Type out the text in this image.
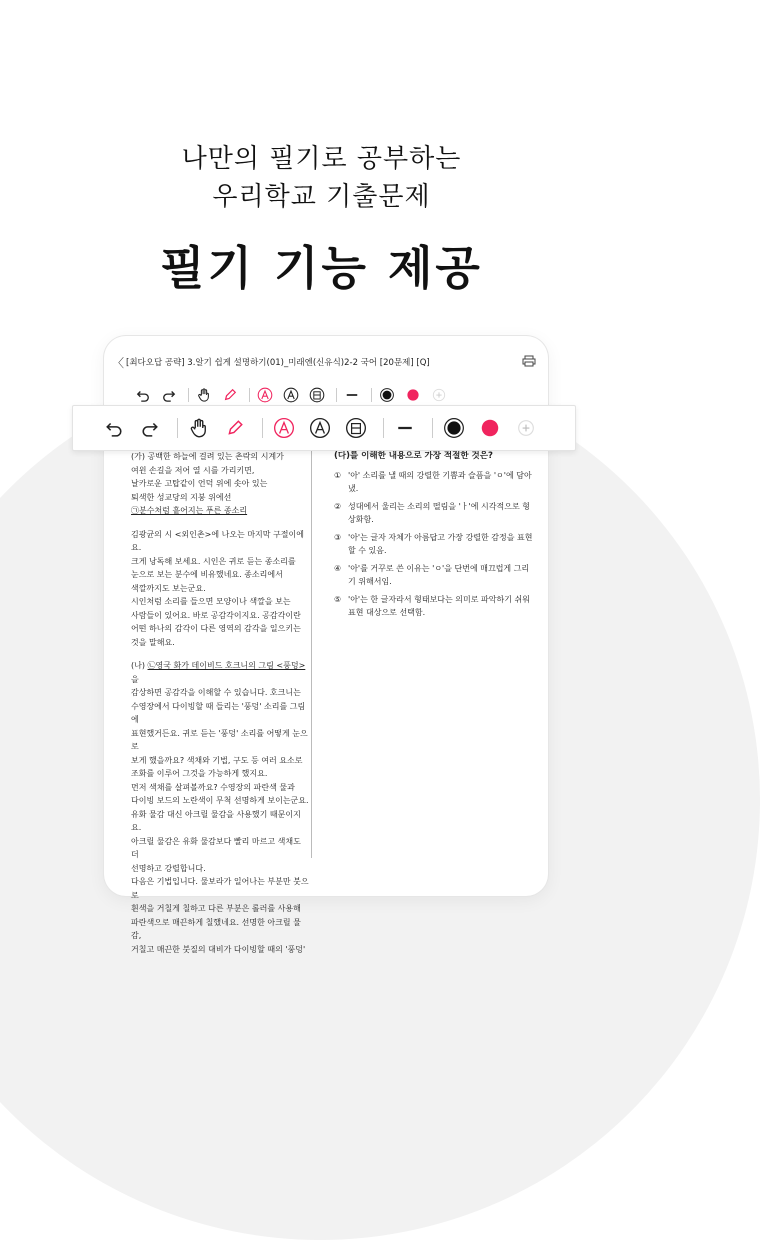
나만의 필기로 공부하는
우리학교 기출문제
필기 기능 제공
〈 [최다오답 공략] 3.알기 쉽게 설명하기(01)_미래엔(신유식)2-2 국어 [20문제] [Q]

(가) 공백한 하늘에 걸려 있는 촌락의 시계가
여윈 손길을 저어 열 시를 가리키면,
날카로운 고탑같이 언덕 위에 솟아 있는
퇴색한 성교당의 지붕 위에선
㉠분수처럼 흩어지는 푸른 종소리

김광균의 시 <외인촌>에 나오는 마지막 구절이에요.
크게 낭독해 보세요. 시인은 귀로 듣는 종소리를
눈으로 보는 분수에 비유했네요. 종소리에서
색깔까지도 보는군요.
시인처럼 소리를 들으면 모양이나 색깔을 보는
사람들이 있어요. 바로 공감각이지요. 공감각이란
어떤 하나의 감각이 다른 영역의 감각을 일으키는
것을 말해요.

(나) ㉡영국 화가 데이비드 호크니의 그림 <풍덩>을
감상하면 공감각을 이해할 수 있습니다. 호크니는
수영장에서 다이빙할 때 들리는 '풍덩' 소리를 그림에
표현했거든요. 귀로 듣는 '풍덩' 소리를 어떻게 눈으로
보게 했을까요? 색채와 기법, 구도 등 여러 요소로
조화를 이루어 그것을 가능하게 했지요.
먼저 색채를 살펴볼까요? 수영장의 파란색 물과
다이빙 보드의 노란색이 무척 선명하게 보이는군요.
유화 물감 대신 아크릴 물감을 사용했기 때문이지요.
아크릴 물감은 유화 물감보다 빨리 마르고 색채도 더
선명하고 강렬합니다.
다음은 기법입니다. 물보라가 일어나는 부분만 붓으로
흰색을 거칠게 칠하고 다른 부분은 롤러를 사용해
파란색으로 매끈하게 칠했네요. 선명한 아크릴 물감,
거칠고 매끈한 붓질의 대비가 다이빙할 때의 '풍덩'

(다)를 이해한 내용으로 가장 적절한 것은?
① '아' 소리를 낼 때의 강렬한 기쁨과 슬픔을 'ㅇ'에 담아 냈.
② 성대에서 울리는 소리의 떨림을 'ㅏ'에 시각적으로 형상화함.
③ '아'는 글자 자체가 아름답고 가장 강렬한 감정을 표현할 수 있음.
④ '아'를 거꾸로 쓴 이유는 'ㅇ'을 단번에 매끄럽게 그리기 위해서임.
⑤ '아'는 한 글자라서 형태보다는 의미로 파악하기 쉬워 표현 대상으로 선택함.
